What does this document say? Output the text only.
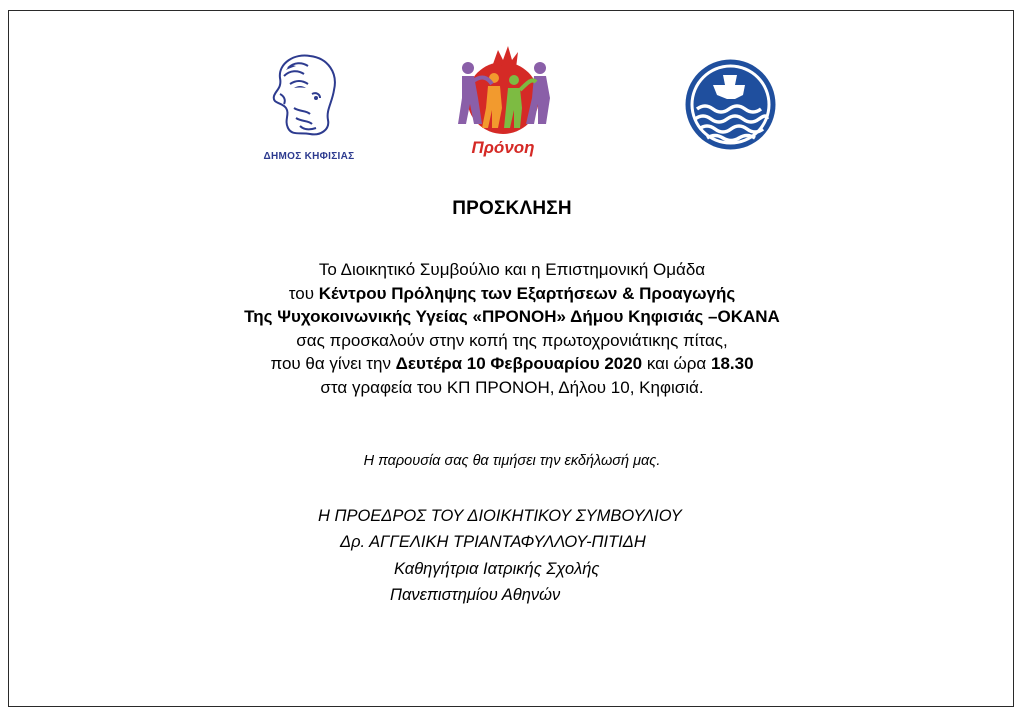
ΔΗΜΟΣ ΚΗΦΙΣΙΑΣ	Πρόνοη
ΠΡΟΣΚΛΗΣΗ

Το Διοικητικό Συμβούλιο και η Επιστημονική Ομάδα

του Κέντρου Πρόληψης των Εξαρτήσεων & Προαγωγής

Της Ψυχοκοινωνικής Υγείας «ΠΡΟΝΟΗ» Δήμου Κηφισιάς –ΟΚΑΝΑ

σας προσκαλούν στην κοπή της πρωτοχρονιάτικης πίτας,

που θα γίνει την Δευτέρα 10 Φεβρουαρίου 2020 και ώρα 18.30

στα γραφεία του ΚΠ ΠΡΟΝΟΗ, Δήλου 10, Κηφισιά.

Η παρουσία σας θα τιμήσει την εκδήλωσή μας.
Η ΠΡΟΕΔΡΟΣ ΤΟΥ ΔΙΟΙΚΗΤΙΚΟΥ ΣΥΜΒΟΥΛΙΟΥ
Δρ. ΑΓΓΕΛΙΚΗ ΤΡΙΑΝΤΑΦΥΛΛΟΥ-ΠΙΤΙΔΗ
Καθηγήτρια Ιατρικής Σχολής
Πανεπιστημίου Αθηνών
